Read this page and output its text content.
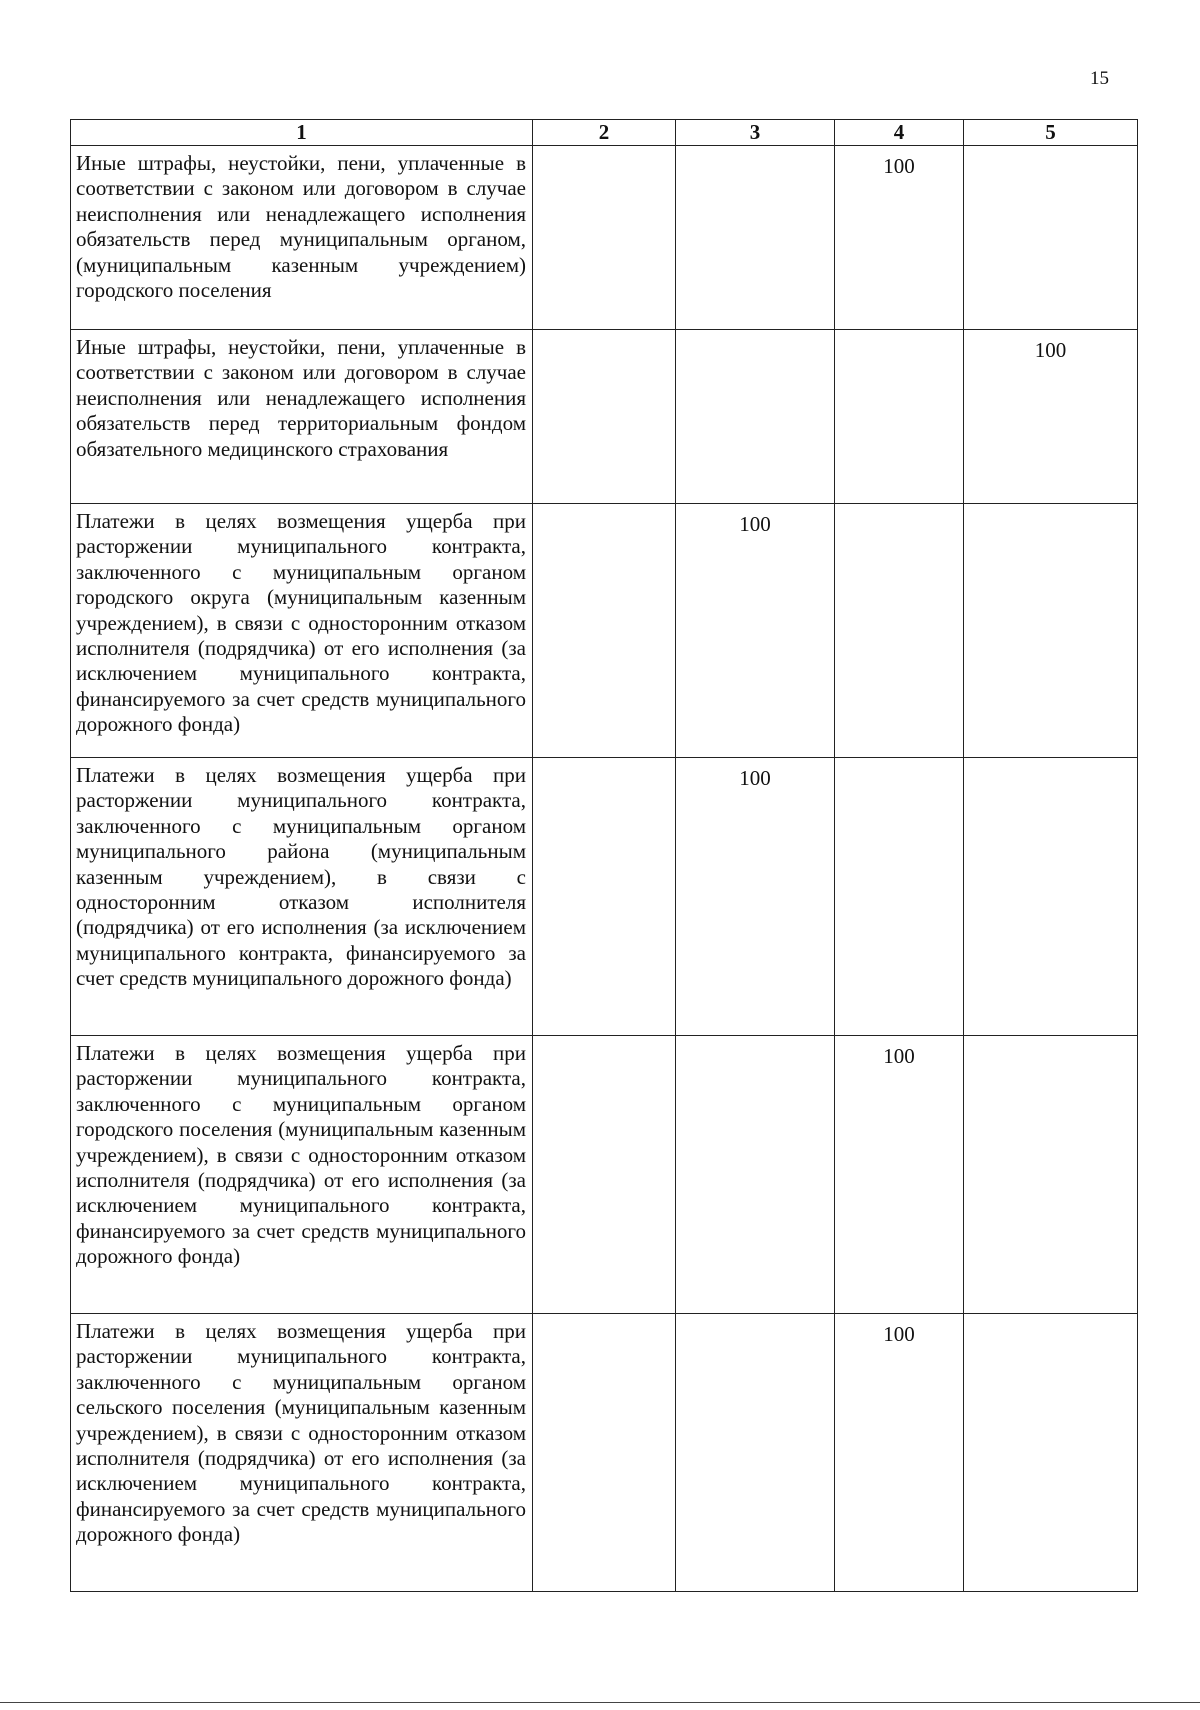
15
1	2	3	4	5
Иные штрафы, неустойки, пени, уплаченные в соответствии с законом или договором в случае неисполнения или ненадлежащего исполнения обязательств перед муниципальным органом, (муниципальным казенным учреждением) городского поселения			100	
Иные штрафы, неустойки, пени, уплаченные в соответствии с законом или договором в случае неисполнения или ненадлежащего исполнения обязательств перед территориальным фондом обязательного медицинского страхования				100
Платежи в целях возмещения ущерба при расторжении муниципального контракта, заключенного с муниципальным органом городского округа (муниципальным казенным учреждением), в связи с односторонним отказом исполнителя (подрядчика) от его исполнения (за исключением муниципального контракта, финансируемого за счет средств муниципального дорожного фонда)		100		
Платежи в целях возмещения ущерба при расторжении муниципального контракта, заключенного с муниципальным органом муниципального района (муниципальным казенным учреждением), в связи с односторонним отказом исполнителя (подрядчика) от его исполнения (за исключением муниципального контракта, финансируемого за счет средств муниципального дорожного фонда)		100		
Платежи в целях возмещения ущерба при расторжении муниципального контракта, заключенного с муниципальным органом городского поселения (муниципальным казенным учреждением), в связи с односторонним отказом исполнителя (подрядчика) от его исполнения (за исключением муниципального контракта, финансируемого за счет средств муниципального дорожного фонда)			100	
Платежи в целях возмещения ущерба при расторжении муниципального контракта, заключенного с муниципальным органом сельского поселения (муниципальным казенным учреждением), в связи с односторонним отказом исполнителя (подрядчика) от его исполнения (за исключением муниципального контракта, финансируемого за счет средств муниципального дорожного фонда)			100	
